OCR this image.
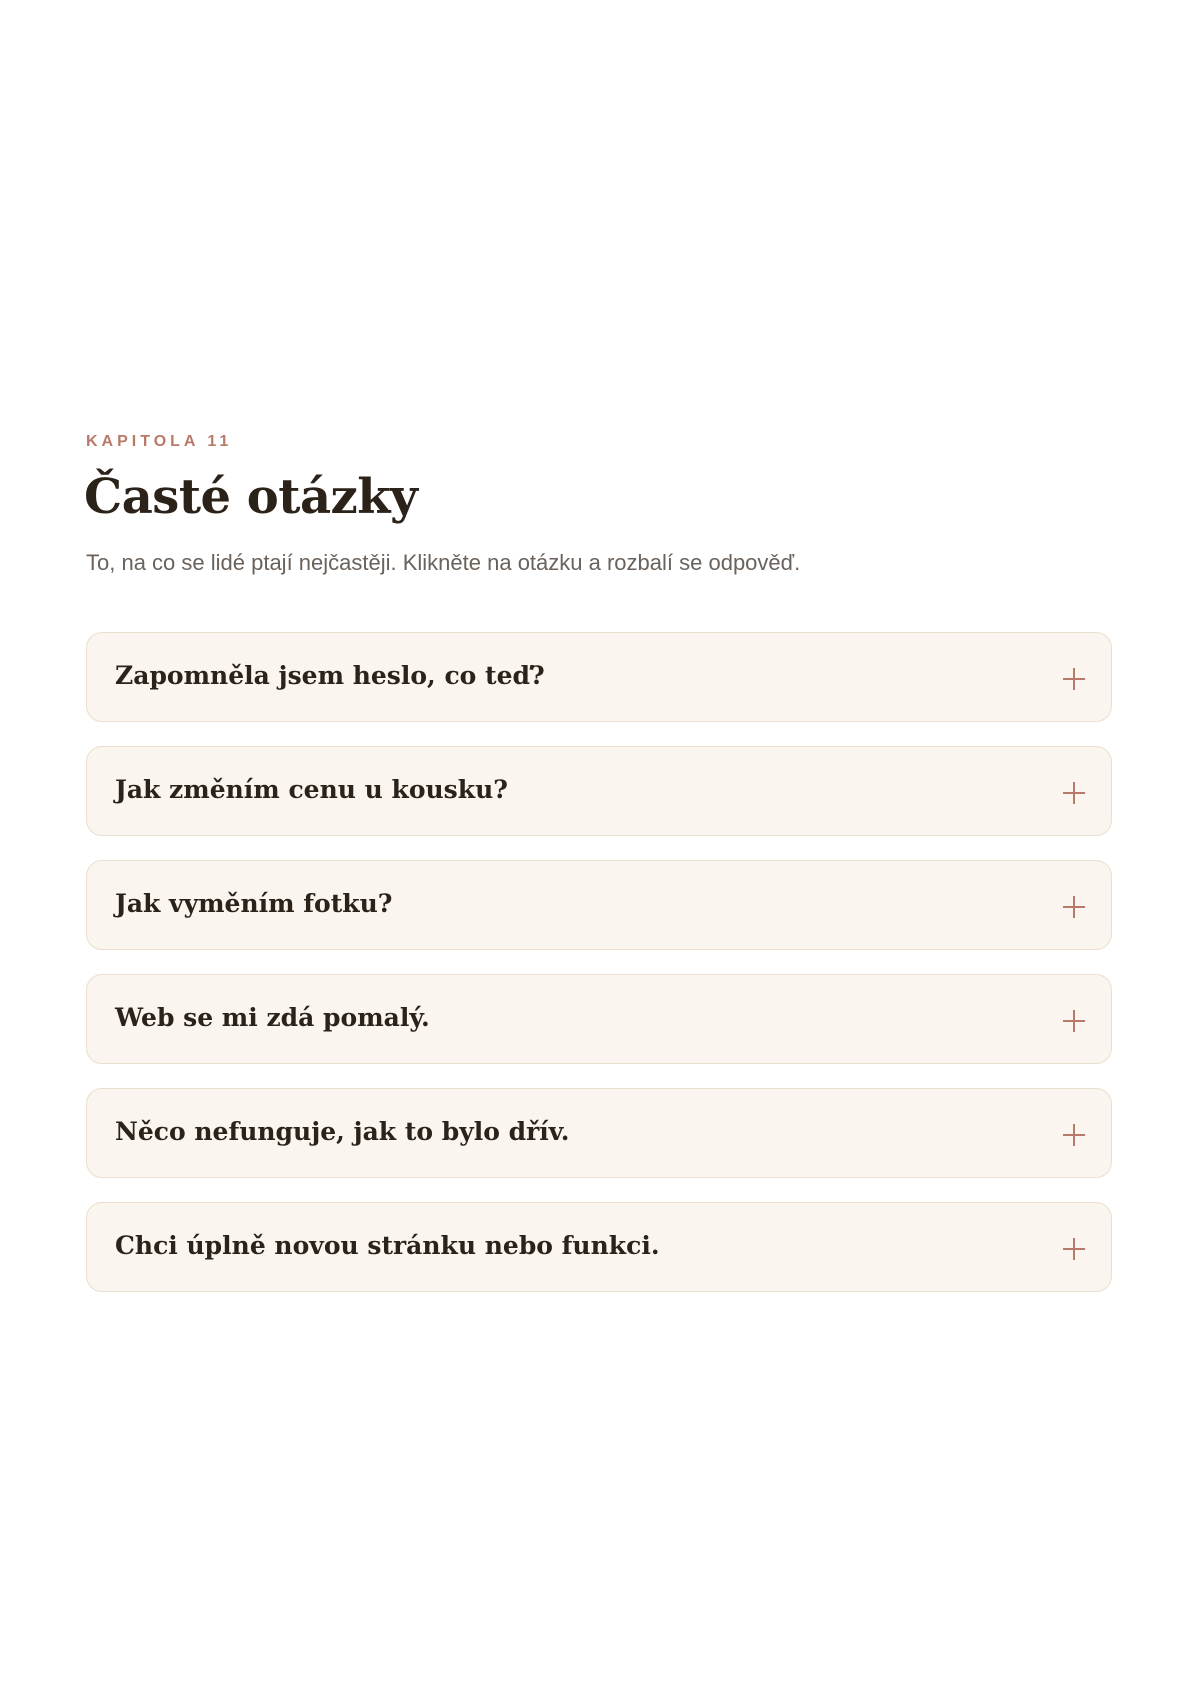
KAPITOLA 11
Časté otázky

To, na co se lidé ptají nejčastěji. Klikněte na otázku a rozbalí se odpověď.

Zapomněla jsem heslo, co teď?
Jak změním cenu u kousku?
Jak vyměním fotku?
Web se mi zdá pomalý.
Něco nefunguje, jak to bylo dřív.
Chci úplně novou stránku nebo funkci.
